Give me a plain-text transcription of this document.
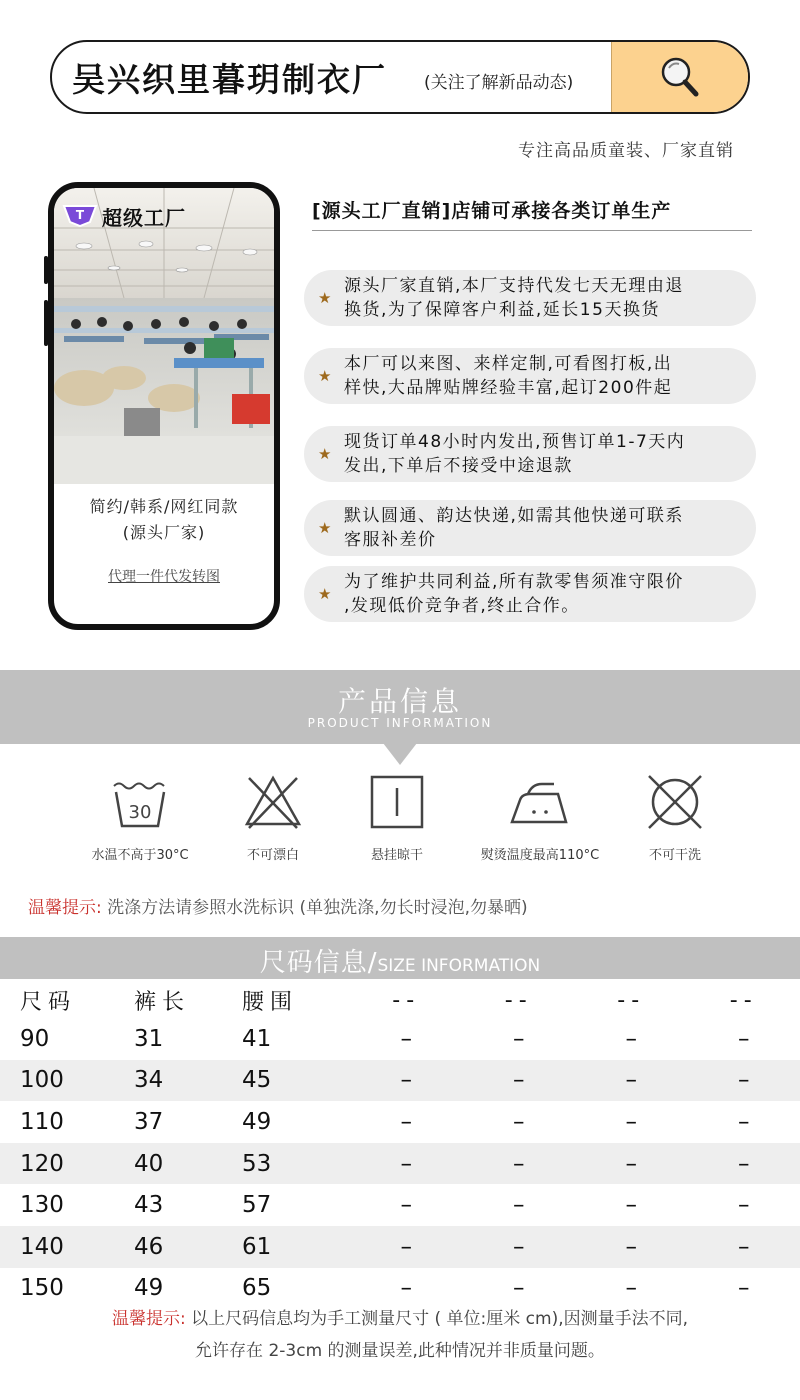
吴兴织里暮玥制衣厂 (关注了解新品动态)
专注高品质童装、厂家直销
T 超级工厂
简约/韩系/网红同款
(源头厂家)
代理一件代发转图
[源头工厂直销]店铺可承接各类订单生产
★
源头厂家直销,本厂支持代发七天无理由退
换货,为了保障客户利益,延长15天换货
★
本厂可以来图、来样定制,可看图打板,出
样快,大品牌贴牌经验丰富,起订200件起
★
现货订单48小时内发出,预售订单1-7天内
发出,下单后不接受中途退款
★
默认圆通、韵达快递,如需其他快递可联系
客服补差价
★
为了维护共同利益,所有款零售须准守限价
,发现低价竞争者,终止合作。
产品信息
PRODUCT INFORMATION
30
水温不高于30°C	不可漂白	悬挂晾干	熨烫温度最高110°C	不可干洗
温馨提示: 洗涤方法请参照水洗标识 (单独洗涤,勿长时浸泡,勿暴晒)
尺码信息/SIZE INFORMATION
尺码	裤长	腰围	--	--	--	--
90	31	41	–	–	–	–
100	34	45	–	–	–	–
110	37	49	–	–	–	–
120	40	53	–	–	–	–
130	43	57	–	–	–	–
140	46	61	–	–	–	–
150	49	65	–	–	–	–
温馨提示: 以上尺码信息均为手工测量尺寸 ( 单位:厘米 cm),因测量手法不同,
允许存在 2-3cm 的测量误差,此种情况并非质量问题。
